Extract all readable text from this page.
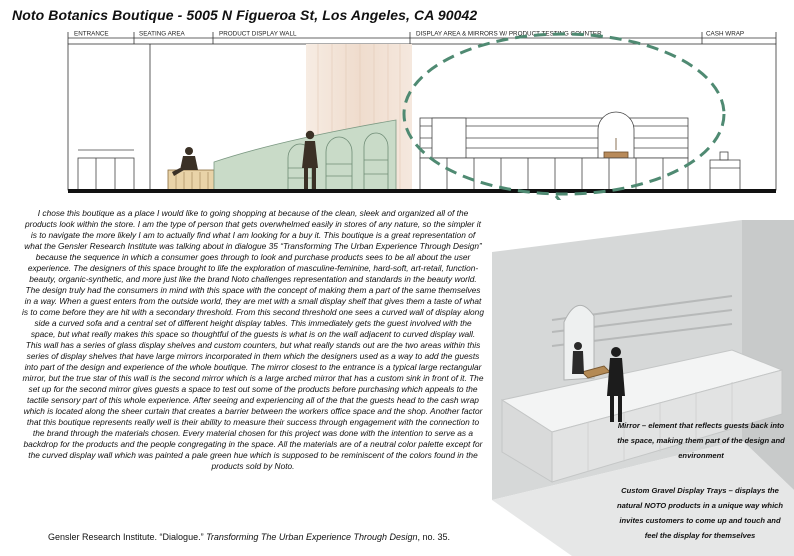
Noto Botanics Boutique - 5005 N Figueroa St, Los Angeles, CA 90042
ENTRANCE	SEATING AREA	PRODUCT DISPLAY WALL	DISPLAY AREA & MIRRORS W/ PRODUCT TESTING COUNTER	CASH WRAP

I chose this boutique as a place I would like to going shopping at because of the clean, sleek and organized all of the products look within the store. I am the type of person that gets overwhelmed easily in stores of any nature, so the simpler it is to navigate the more likely I am to actually find what I am looking for a buy it. This boutique is a great representation of what the Gensler Research Institute was talking about in dialogue 35 “Transforming The Urban Experience Through Design” because the sequence in which a consumer goes through to look and purchase products sees to be all about the user experience. The designers of this space brought to life the exploration of masculine-feminine, hard-soft, art-retail, function-beauty, organic-synthetic, and more just like the brand Noto challenges representation and standards in the beauty world. The design truly had the consumers in mind with this space with the concept of making them a part of the same themselves in a way. When a guest enters from the outside world, they are met with a small display shelf that gives them a taste of what is to come before they are hit with a secondary threshold. From this second threshold one sees a curved wall of display along side a curved sofa and a central set of different height display tables. This immediately gets the guest involved with the space, but what really makes this space so thoughtful of the guests is what is on the wall adjacent to curved display wall. This wall has a series of glass display shelves and custom counters, but what really stands out are the two areas within this series of display shelves that have large mirrors incorporated in them which the designers used as a way to add the guests into part of the design and experience of the whole boutique. The mirror closest to the entrance is a typical large rectangular mirror, but the true star of this wall is the second mirror which is a large arched mirror that has a custom sink in front of it. The set up for the second mirror gives guests a space to test out some of the products before purchasing which appeals to the tactile sensory part of this whole experience. After seeing and experiencing all of the that the guests head to the cash wrap which is located along the sheer curtain that creates a barrier between the workers office space and the shop. Another factor that this boutique represents really well is their ability to measure their success through engagement with the connection to the brand through the materials chosen. Every material chosen for this project was done with the intention to serve as a backdrop for the products and the people congregating in the space. All the materials are of a neutral color palette except for the curved display wall which was painted a pale green hue which is supposed to be reminiscent of the colors found in the products sold by Noto.

Gensler Research Institute. “Dialogue.” Transforming The Urban Experience Through Design, no. 35.

Mirror – element that reflects guests back into the space, making them part of the design and environment

Custom Gravel Display Trays – displays the natural NOTO products in a unique way which invites customers to come up and touch and feel the display for themselves
